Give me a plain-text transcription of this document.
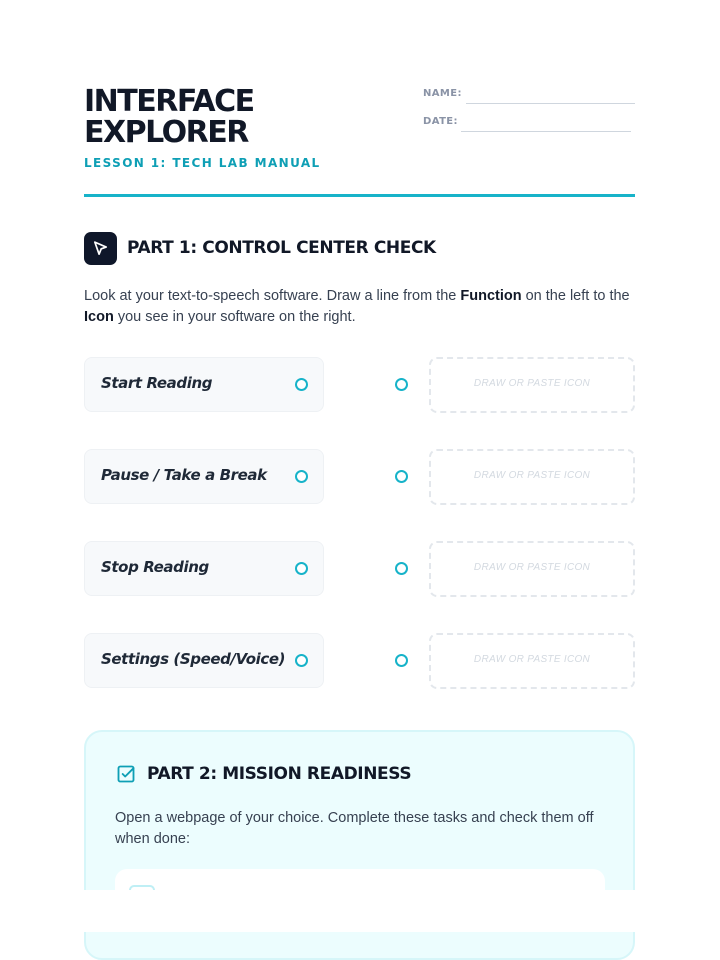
INTERFACE
EXPLORER

LESSON 1: TECH LAB MANUAL

NAME:
DATE:
PART 1: CONTROL CENTER CHECK

Look at your text-to-speech software. Draw a line from the Function on the left to the Icon you see in your software on the right.

Start Reading	DRAW OR PASTE ICON
Pause / Take a Break	DRAW OR PASTE ICON
Stop Reading	DRAW OR PASTE ICON
Settings (Speed/Voice)	DRAW OR PASTE ICON
PART 2: MISSION READINESS

Open a webpage of your choice. Complete these tasks and check them off when done:
